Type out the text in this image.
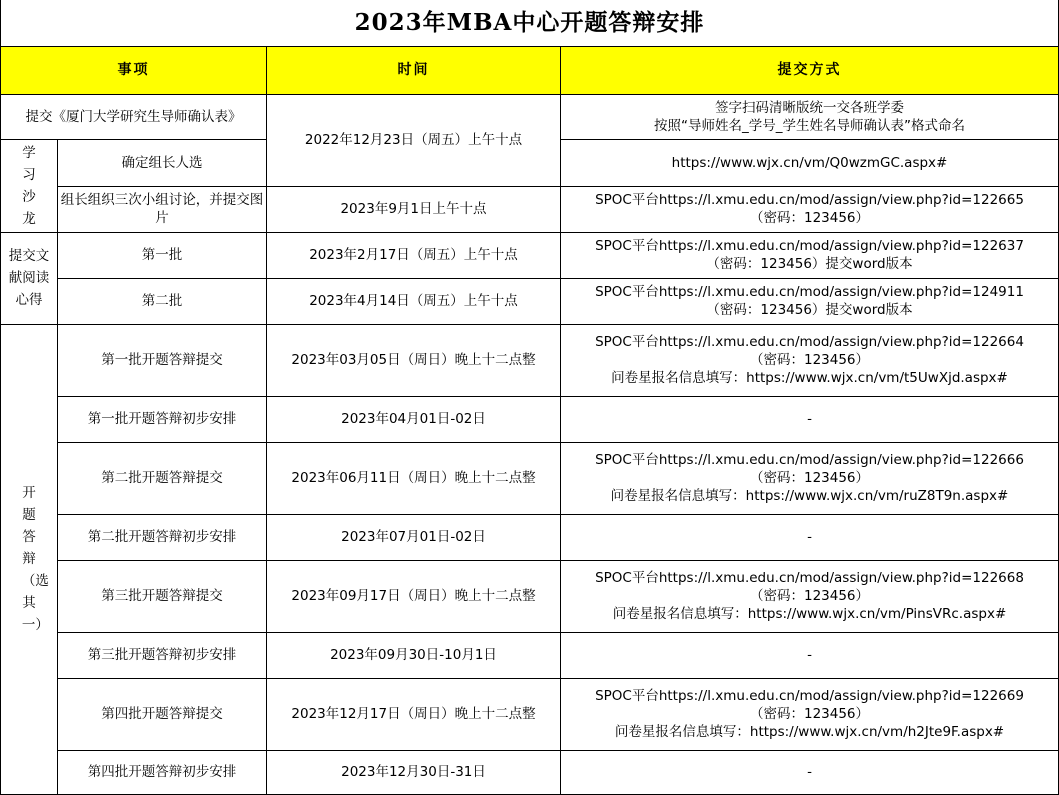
2023年MBA中心开题答辩安排			
事项		时间	提交方式
提交《厦门大学研究生导师确认表》		2022年12月23日（周五）上午十点	签字扫码清晰版统一交各班学委
按照“导师姓名_学号_学生姓名导师确认表”格式命名

学习沙龙	确定组长人选		https://www.wjx.cn/vm/Q0wzmGC.aspx#

	组长组织三次小组讨论，并提交图片	2023年9月1日上午十点	SPOC平台https://l.xmu.edu.cn/mod/assign/view.php?id=122665
（密码：123456）

提交文献阅读心得	第一批	2023年2月17日（周五）上午十点	SPOC平台https://l.xmu.edu.cn/mod/assign/view.php?id=122637
（密码：123456）提交word版本

	第二批	2023年4月14日（周五）上午十点	SPOC平台https://l.xmu.edu.cn/mod/assign/view.php?id=124911
（密码：123456）提交word版本

开题答辩（选其一）	第一批开题答辩提交	2023年03月05日（周日）晚上十二点整	SPOC平台https://l.xmu.edu.cn/mod/assign/view.php?id=122664
（密码：123456）
问卷星报名信息填写：https://www.wjx.cn/vm/t5UwXjd.aspx#

	第一批开题答辩初步安排	2023年04月01日-02日	-
	第二批开题答辩提交	2023年06月11日（周日）晚上十二点整	SPOC平台https://l.xmu.edu.cn/mod/assign/view.php?id=122666
（密码：123456）
问卷星报名信息填写：https://www.wjx.cn/vm/ruZ8T9n.aspx#

	第二批开题答辩初步安排	2023年07月01日-02日	-
	第三批开题答辩提交	2023年09月17日（周日）晚上十二点整	SPOC平台https://l.xmu.edu.cn/mod/assign/view.php?id=122668
（密码：123456）
问卷星报名信息填写：https://www.wjx.cn/vm/PinsVRc.aspx#

	第三批开题答辩初步安排	2023年09月30日-10月1日	-
	第四批开题答辩提交	2023年12月17日（周日）晚上十二点整	SPOC平台https://l.xmu.edu.cn/mod/assign/view.php?id=122669
（密码：123456）
问卷星报名信息填写：https://www.wjx.cn/vm/h2Jte9F.aspx#

	第四批开题答辩初步安排	2023年12月30日-31日	-
